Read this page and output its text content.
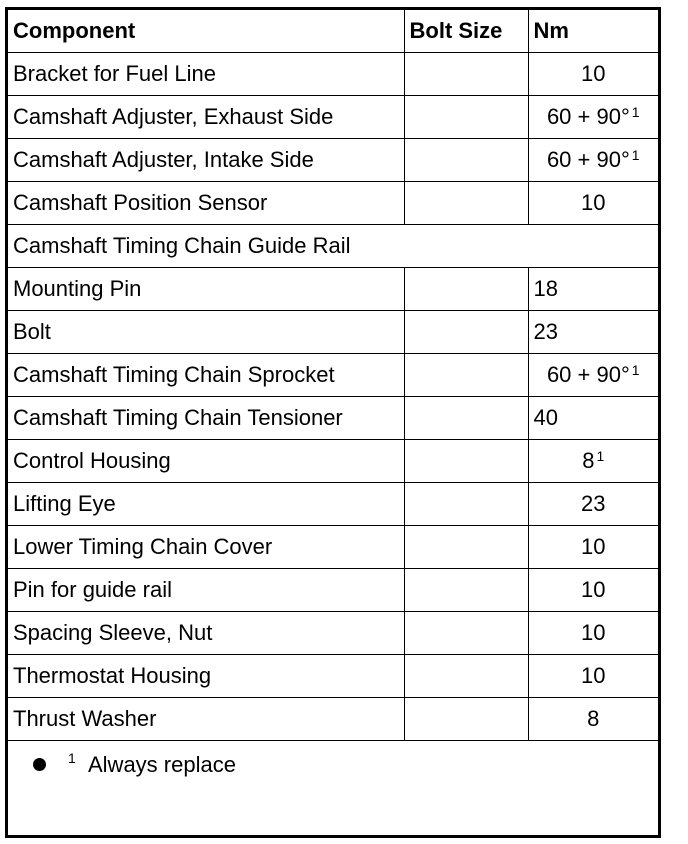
Component	Bolt Size	Nm
Bracket for Fuel Line		10
Camshaft Adjuster, Exhaust Side		60 + 90° $^1$
Camshaft Adjuster, Intake Side		60 + 90° $^1$
Camshaft Position Sensor		10
Camshaft Timing Chain Guide Rail		
Mounting Pin		18
Bolt		23
Camshaft Timing Chain Sprocket		60 + 90° $^1$
Camshaft Timing Chain Tensioner		40
Control Housing		8 $^1$
Lifting Eye		23
Lower Timing Chain Cover		10
Pin for guide rail		10
Spacing Sleeve, Nut		10
Thermostat Housing		10
Thrust Washer		8
1 Always replace
